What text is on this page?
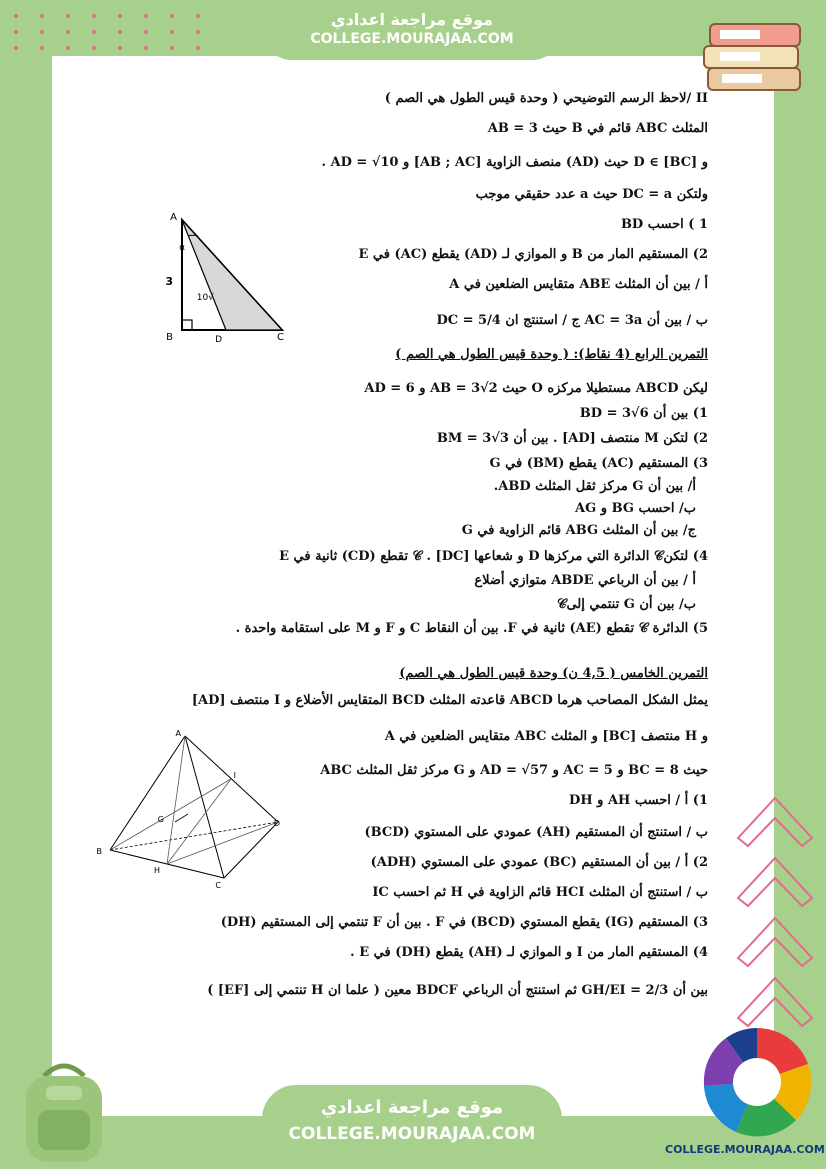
موقع مراجعة اعدادي
COLLEGE.MOURAJAA.COM
II /لاحظ الرسم التوضيحي ( وحدة قيس الطول هي الصم )
المثلث ABC قائم في B حيث AB = 3
و D ∈ [BC] حيث (AD) منصف الزاوية [AB ; AC] و AD = √10 .
ولتكن DC = a حيث a عدد حقيقي موجب
1 ) احسب BD
2) المستقيم المار من B و الموازي لـ (AD) يقطع (AC) في E
أ / بين أن المثلث ABE متقايس الضلعين في A
ب / بين أن AC = 3a ج / استنتج ان DC = 5/4
A
B	C
D
3
√10
α
التمرين الرابع (4 نقاط): ( وحدة قيس الطول هي الصم )
ليكن ABCD مستطيلا مركزه O حيث AB = 3√2 و AD = 6
1) بين أن BD = 3√6
2) لتكن M منتصف [AD] . بين أن BM = 3√3
3) المستقيم (AC) يقطع (BM) في G
أ/ بين أن G مركز ثقل المثلث ABD.
ب/ احسب BG و AG
ج/ بين أن المثلث ABG قائم الزاوية في G
4) لتكن𝒞 الدائرة التي مركزها D و شعاعها [DC] . 𝒞 تقطع (CD) ثانية في E
أ / بين أن الرباعي ABDE متوازي أضلاع
ب/ بين أن G تنتمي إلى𝒞
5) الدائرة 𝒞 تقطع (AE) ثانية في F. بين أن النقاط C و F و M على استقامة واحدة .
التمرين الخامس ( 4,5 ن) وحدة قيس الطول هي الصم)
يمثل الشكل المصاحب هرما ABCD قاعدته المثلث BCD المتقايس الأضلاع و I منتصف [AD]
و H منتصف [BC] و المثلث ABC متقايس الضلعين في A
حيث BC = 8 و AC = 5 و AD = √57 و G مركز ثقل المثلث ABC
1) أ / احسب AH و DH
ب / استنتج أن المستقيم (AH) عمودي على المستوي (BCD)
2) أ / بين أن المستقيم (BC) عمودي على المستوي (ADH)
ب / استنتج أن المثلث HCI قائم الزاوية في H ثم احسب IC
3) المستقيم (IG) يقطع المستوي (BCD) في F . بين أن F تنتمي إلى المستقيم (DH)
4) المستقيم المار من I و الموازي لـ (AH) يقطع (DH) في E .
بين أن GH/EI = 2/3 ثم استنتج أن الرباعي BDCF معين ( علما ان H تنتمي إلى [EF] )
A
B
C
D
G
H
I
موقع مراجعة اعدادي
COLLEGE.MOURAJAA.COM
COLLEGE.MOURAJAA.COM
